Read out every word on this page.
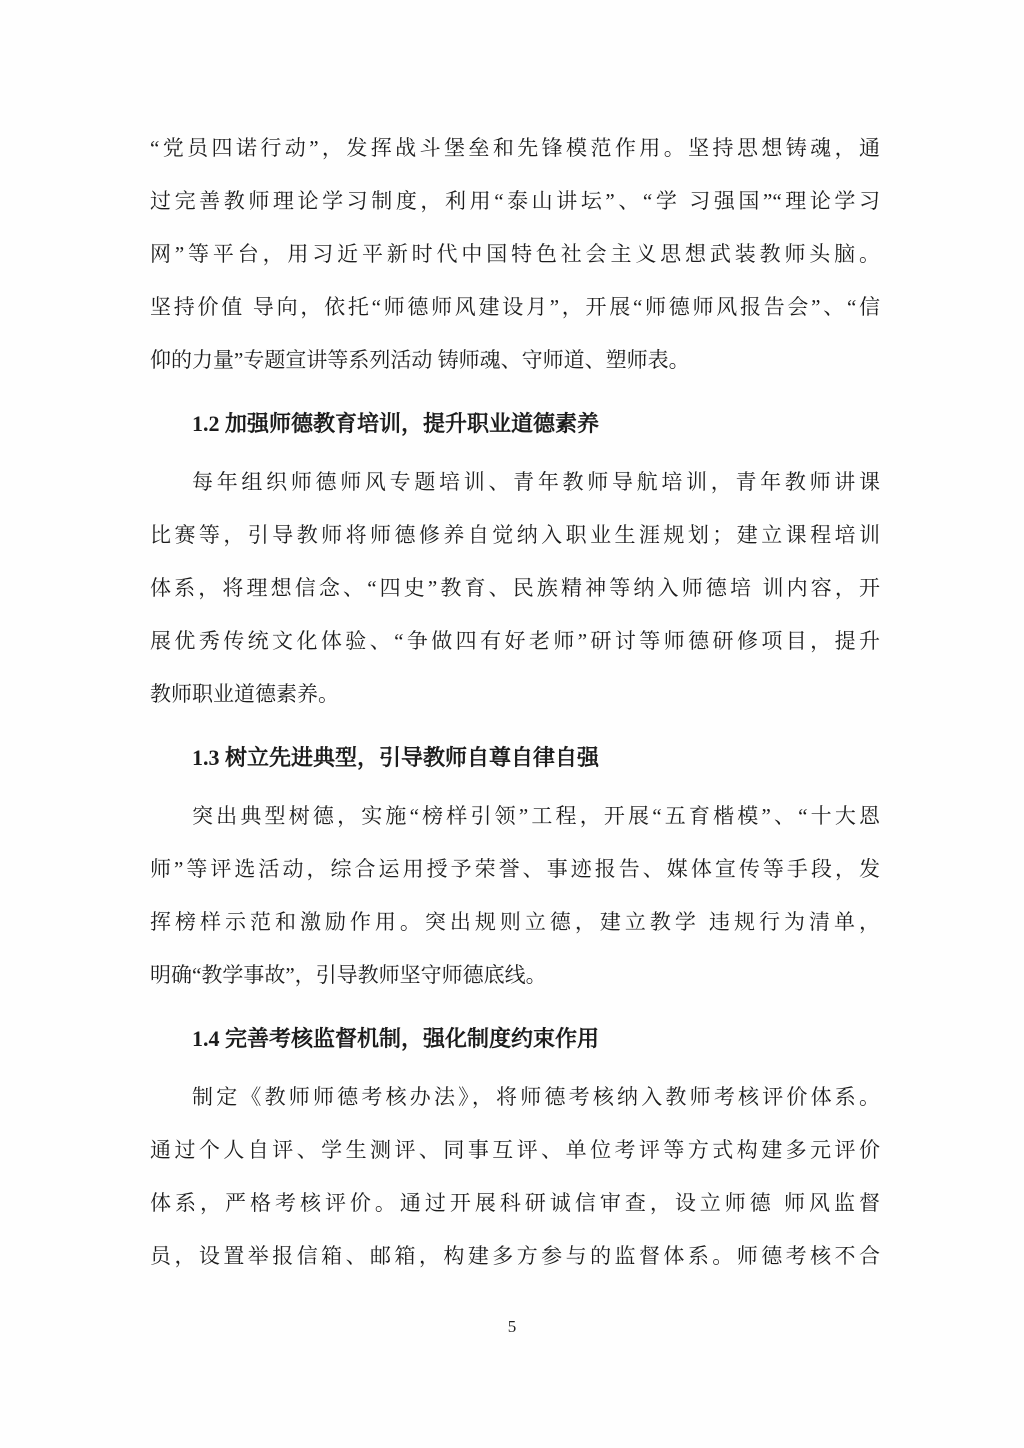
“党员四诺行动”，发挥战斗堡垒和先锋模范作用。坚持思想铸魂，通
过完善教师理论学习制度，利用“泰山讲坛”、“学 习强国”“理论学习
网”等平台，用习近平新时代中国特色社会主义思想武装教师头脑。
坚持价值 导向，依托“师德师风建设月”，开展“师德师风报告会”、“信
仰的力量”专题宣讲等系列活动 铸师魂、守师道、塑师表。
1.2 加强师德教育培训，提升职业道德素养
每年组织师德师风专题培训、青年教师导航培训，青年教师讲课
比赛等，引导教师将师德修养自觉纳入职业生涯规划；建立课程培训
体系，将理想信念、“四史”教育、民族精神等纳入师德培 训内容，开
展优秀传统文化体验、“争做四有好老师”研讨等师德研修项目，提升
教师职业道德素养。
1.3 树立先进典型，引导教师自尊自律自强
突出典型树德，实施“榜样引领”工程，开展“五育楷模”、“十大恩
师”等评选活动，综合运用授予荣誉、事迹报告、媒体宣传等手段，发
挥榜样示范和激励作用。突出规则立德，建立教学 违规行为清单，
明确“教学事故”，引导教师坚守师德底线。
1.4 完善考核监督机制，强化制度约束作用
制定《教师师德考核办法》，将师德考核纳入教师考核评价体系。
通过个人自评、学生测评、同事互评、单位考评等方式构建多元评价
体系，严格考核评价。通过开展科研诚信审查，设立师德 师风监督
员，设置举报信箱、邮箱，构建多方参与的监督体系。师德考核不合
5
